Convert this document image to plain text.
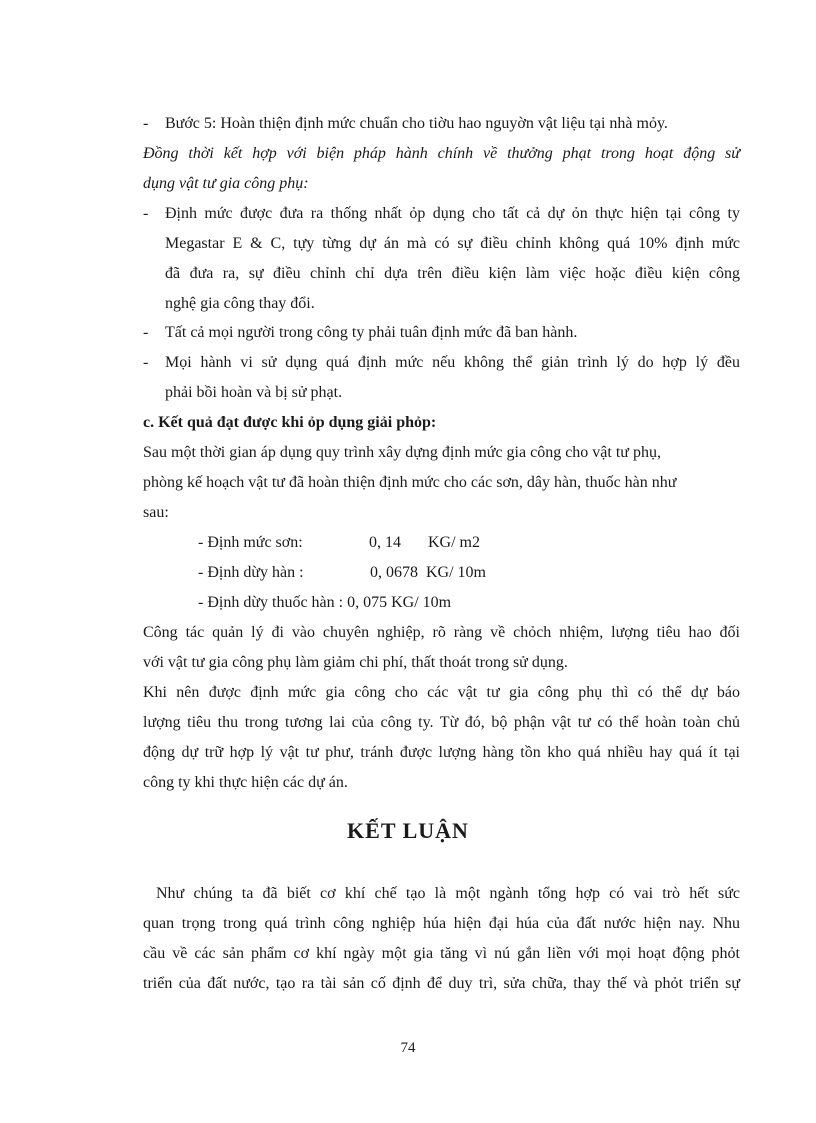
- Bước 5: Hoàn thiện định mức chuẩn cho tiờu hao nguyờn vật liệu tại nhà mỏy.
Đồng thời kết hợp với biện pháp hành chính về thưởng phạt trong hoạt động sử
dụng vật tư gia công phụ:
- Định mức được đưa ra thống nhất ỏp dụng cho tất cả dự ỏn thực hiện tại công ty
Megastar E & C, tựy từng dự án mà có sự điều chỉnh không quá 10% định mức
đã đưa ra, sự điều chỉnh chỉ dựa trên điều kiện làm việc hoặc điều kiện công
nghệ gia công thay đổi.
- Tất cả mọi người trong công ty phải tuân định mức đã ban hành.
- Mọi hành vi sử dụng quá định mức nếu không thể giản trình lý do hợp lý đều
phải bồi hoàn và bị sử phạt.
c. Kết quả đạt được khi ỏp dụng giải phỏp:
Sau một thời gian áp dụng quy trình xây dựng định mức gia công cho vật tư phụ,
phòng kế hoạch vật tư đã hoàn thiện định mức cho các sơn, dây hàn, thuốc hàn như
sau:
- Định mức sơn:	0, 14 KG/ m2
- Định dừy hàn :	0, 0678 KG/ 10m
- Định dừy thuốc hàn : 0, 075 KG/ 10m
Công tác quản lý đi vào chuyên nghiệp, rõ ràng về chỏch nhiệm, lượng tiêu hao đối
với vật tư gia công phụ làm giảm chi phí, thất thoát trong sử dụng.
Khi nên được định mức gia công cho các vật tư gia công phụ thì có thể dự báo
lượng tiêu thu trong tương lai của công ty. Từ đó, bộ phận vật tư có thể hoàn toàn chủ
động dự trữ hợp lý vật tư phư, tránh được lượng hàng tồn kho quá nhiều hay quá ít tại
công ty khi thực hiện các dự án.
KẾT LUẬN
Như chúng ta đã biết cơ khí chế tạo là một ngành tổng hợp có vai trò hết sức
quan trọng trong quá trình công nghiệp húa hiện đại húa của đất nước hiện nay. Nhu
cầu về các sản phẩm cơ khí ngày một gia tăng vì nú gắn liền với mọi hoạt động phỏt
triển của đất nước, tạo ra tài sản cố định để duy trì, sửa chữa, thay thế và phỏt triển sự
74
